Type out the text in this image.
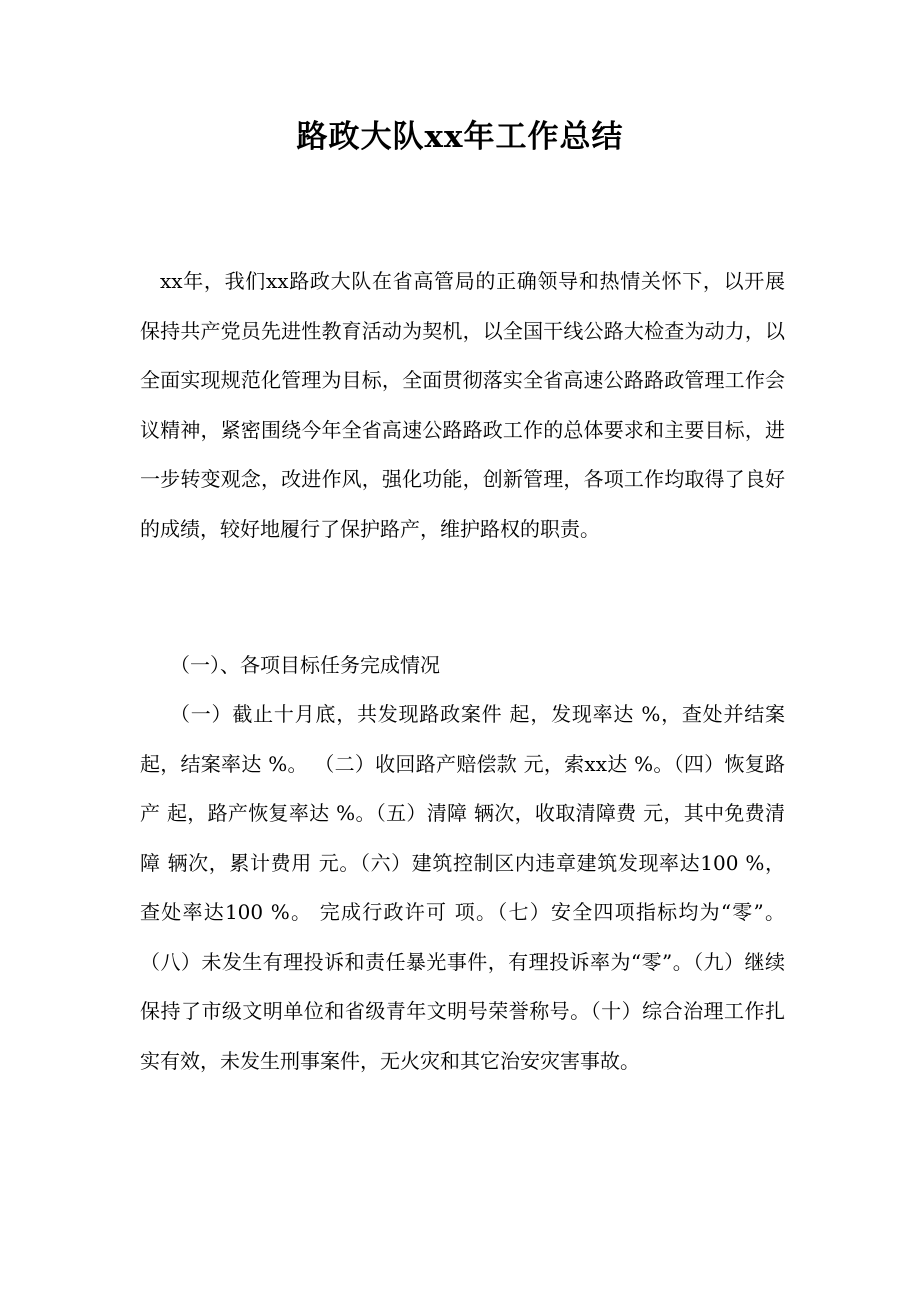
路政大队xx年工作总结

xx年，我们xx路政大队在省高管局的正确领导和热情关怀下，以开展保持共产党员先进性教育活动为契机，以全国干线公路大检查为动力，以全面实现规范化管理为目标，全面贯彻落实全省高速公路路政管理工作会议精神，紧密围绕今年全省高速公路路政工作的总体要求和主要目标，进一步转变观念，改进作风，强化功能，创新管理，各项工作均取得了良好的成绩，较好地履行了保护路产，维护路权的职责。

（一）、各项目标任务完成情况

（一）截止十月底，共发现路政案件 起，发现率达 %，查处并结案 起，结案率达 %。 （二）收回路产赔偿款 元，索xx达 %。（四）恢复路产 起，路产恢复率达 %。（五）清障 辆次，收取清障费 元，其中免费清障 辆次，累计费用 元。（六）建筑控制区内违章建筑发现率达100 %，查处率达100 %。 完成行政许可 项。（七）安全四项指标均为“零”。（八）未发生有理投诉和责任暴光事件，有理投诉率为“零”。（九）继续保持了市级文明单位和省级青年文明号荣誉称号。（十）综合治理工作扎实有效，未发生刑事案件，无火灾和其它治安灾害事故。
